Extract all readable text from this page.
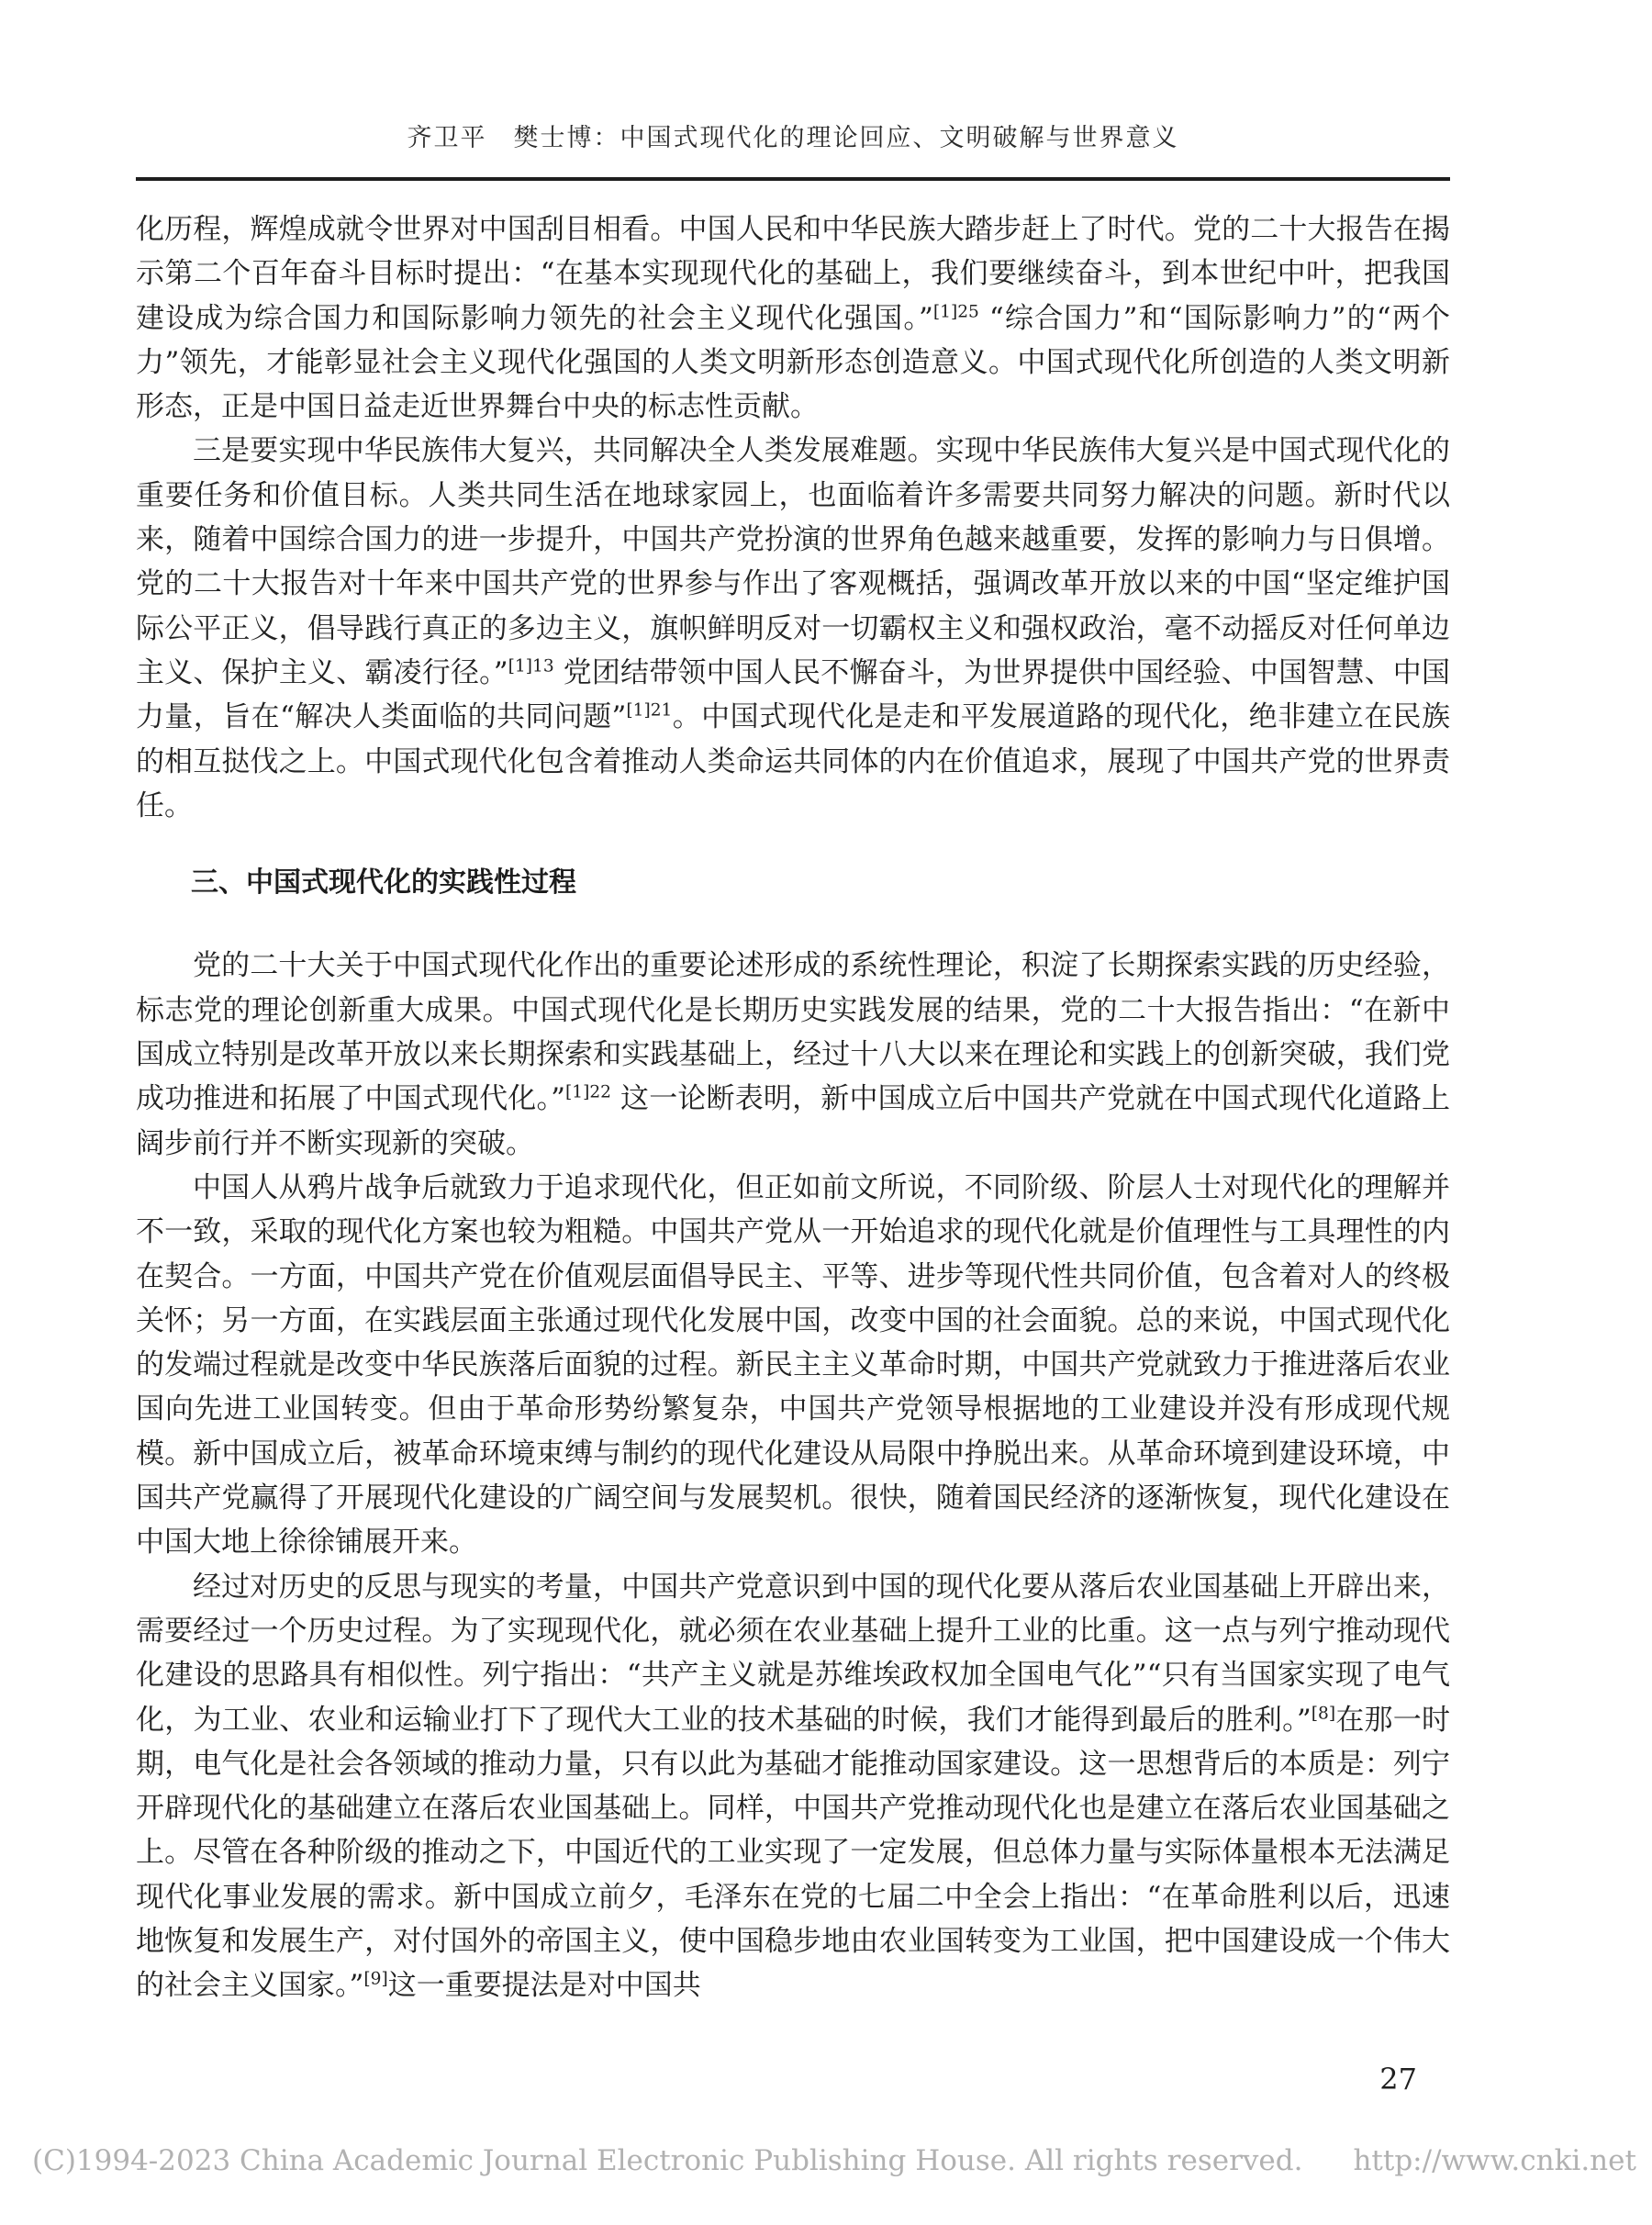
齐卫平　樊士博：中国式现代化的理论回应、文明破解与世界意义

化历程，辉煌成就令世界对中国刮目相看。中国人民和中华民族大踏步赶上了时代。党的二十大报告在揭示第二个百年奋斗目标时提出：“在基本实现现代化的基础上，我们要继续奋斗，到本世纪中叶，把我国建设成为综合国力和国际影响力领先的社会主义现代化强国。”$^{[1]25}$ “综合国力”和“国际影响力”的“两个力”领先，才能彰显社会主义现代化强国的人类文明新形态创造意义。中国式现代化所创造的人类文明新形态，正是中国日益走近世界舞台中央的标志性贡献。

三是要实现中华民族伟大复兴，共同解决全人类发展难题。实现中华民族伟大复兴是中国式现代化的重要任务和价值目标。人类共同生活在地球家园上，也面临着许多需要共同努力解决的问题。新时代以来，随着中国综合国力的进一步提升，中国共产党扮演的世界角色越来越重要，发挥的影响力与日俱增。党的二十大报告对十年来中国共产党的世界参与作出了客观概括，强调改革开放以来的中国“坚定维护国际公平正义，倡导践行真正的多边主义，旗帜鲜明反对一切霸权主义和强权政治，毫不动摇反对任何单边主义、保护主义、霸凌行径。”$^{[1]13}$ 党团结带领中国人民不懈奋斗，为世界提供中国经验、中国智慧、中国力量，旨在“解决人类面临的共同问题”$^{[1]21}$。中国式现代化是走和平发展道路的现代化，绝非建立在民族的相互挞伐之上。中国式现代化包含着推动人类命运共同体的内在价值追求，展现了中国共产党的世界责任。

三、中国式现代化的实践性过程

党的二十大关于中国式现代化作出的重要论述形成的系统性理论，积淀了长期探索实践的历史经验，标志党的理论创新重大成果。中国式现代化是长期历史实践发展的结果，党的二十大报告指出：“在新中国成立特别是改革开放以来长期探索和实践基础上，经过十八大以来在理论和实践上的创新突破，我们党成功推进和拓展了中国式现代化。”$^{[1]22}$ 这一论断表明，新中国成立后中国共产党就在中国式现代化道路上阔步前行并不断实现新的突破。

中国人从鸦片战争后就致力于追求现代化，但正如前文所说，不同阶级、阶层人士对现代化的理解并不一致，采取的现代化方案也较为粗糙。中国共产党从一开始追求的现代化就是价值理性与工具理性的内在契合。一方面，中国共产党在价值观层面倡导民主、平等、进步等现代性共同价值，包含着对人的终极关怀；另一方面，在实践层面主张通过现代化发展中国，改变中国的社会面貌。总的来说，中国式现代化的发端过程就是改变中华民族落后面貌的过程。新民主主义革命时期，中国共产党就致力于推进落后农业国向先进工业国转变。但由于革命形势纷繁复杂，中国共产党领导根据地的工业建设并没有形成现代规模。新中国成立后，被革命环境束缚与制约的现代化建设从局限中挣脱出来。从革命环境到建设环境，中国共产党赢得了开展现代化建设的广阔空间与发展契机。很快，随着国民经济的逐渐恢复，现代化建设在中国大地上徐徐铺展开来。

经过对历史的反思与现实的考量，中国共产党意识到中国的现代化要从落后农业国基础上开辟出来，需要经过一个历史过程。为了实现现代化，就必须在农业基础上提升工业的比重。这一点与列宁推动现代化建设的思路具有相似性。列宁指出：“共产主义就是苏维埃政权加全国电气化”“只有当国家实现了电气化，为工业、农业和运输业打下了现代大工业的技术基础的时候，我们才能得到最后的胜利。”[8]在那一时期，电气化是社会各领域的推动力量，只有以此为基础才能推动国家建设。这一思想背后的本质是：列宁开辟现代化的基础建立在落后农业国基础上。同样，中国共产党推动现代化也是建立在落后农业国基础之上。尽管在各种阶级的推动之下，中国近代的工业实现了一定发展，但总体力量与实际体量根本无法满足现代化事业发展的需求。新中国成立前夕，毛泽东在党的七届二中全会上指出：“在革命胜利以后，迅速地恢复和发展生产，对付国外的帝国主义，使中国稳步地由农业国转变为工业国，把中国建设成一个伟大的社会主义国家。”[9]这一重要提法是对中国共

27
(C)1994-2023 China Academic Journal Electronic Publishing House. All rights reserved. http://www.cnki.net
